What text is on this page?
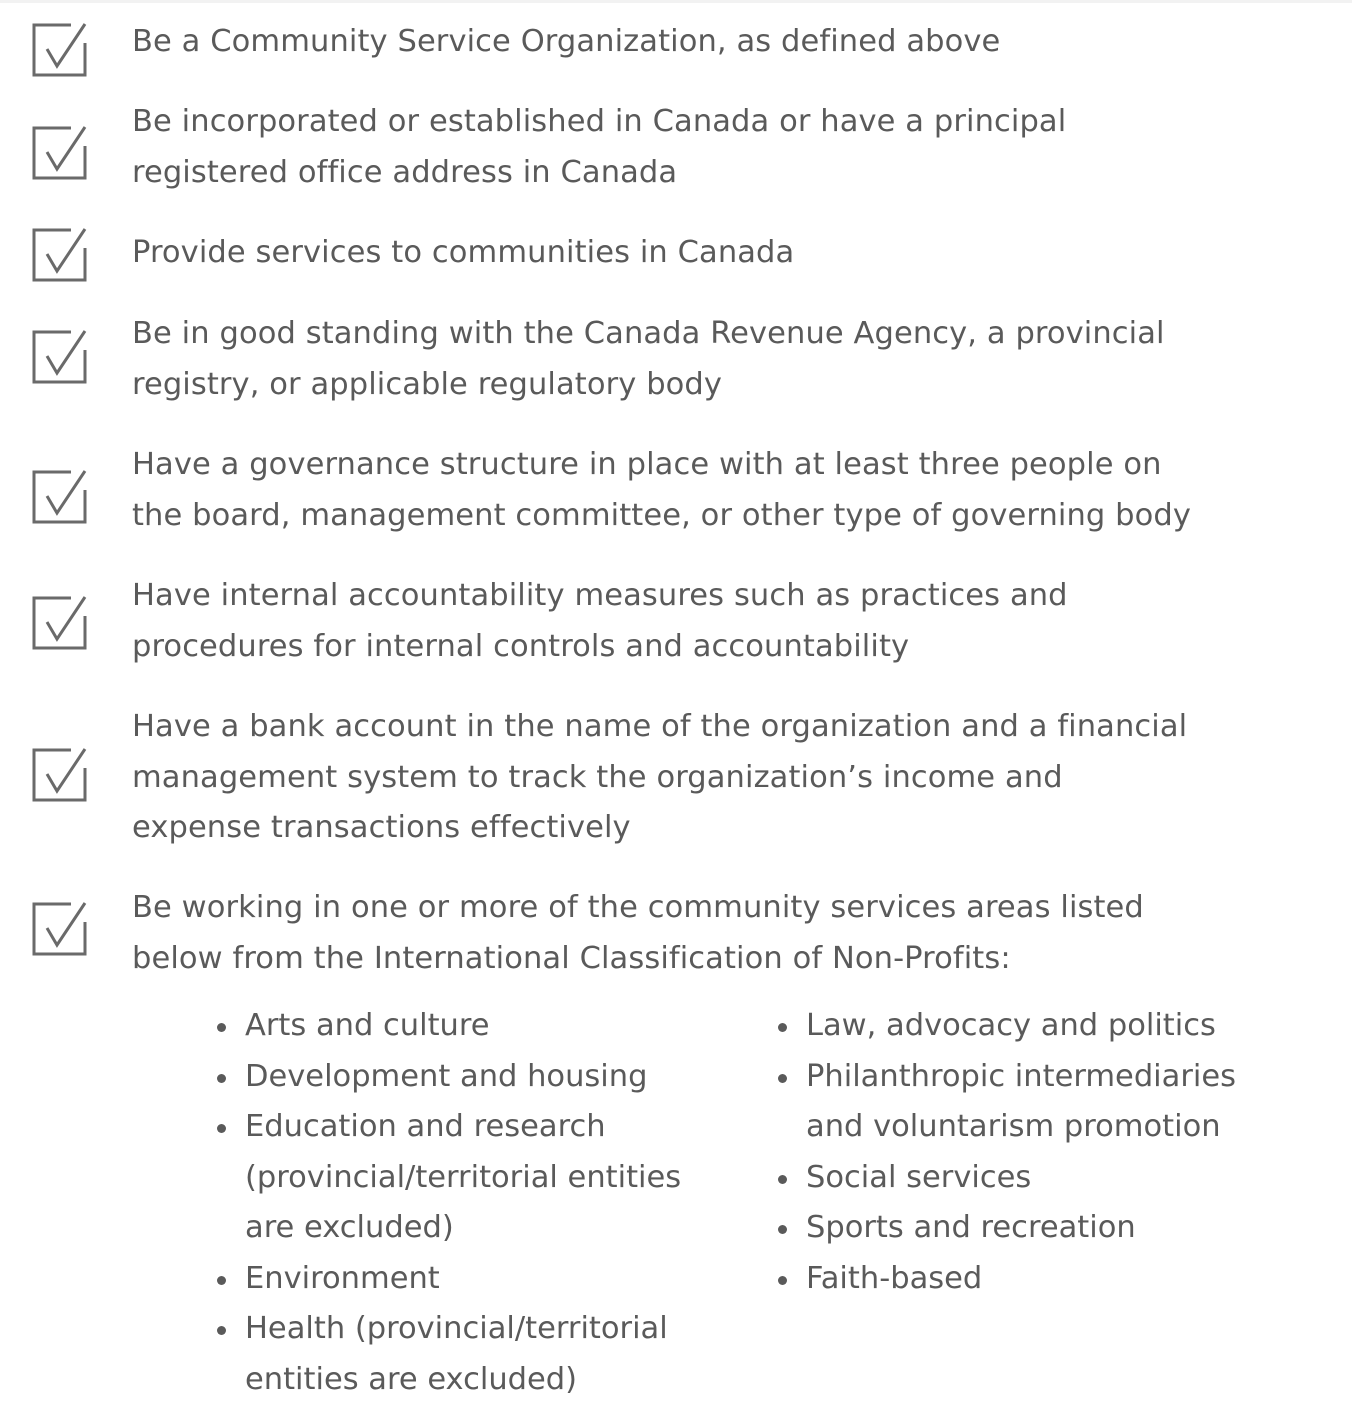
Be a Community Service Organization, as defined above
Be incorporated or established in Canada or have a principal
registered office address in Canada
Provide services to communities in Canada
Be in good standing with the Canada Revenue Agency, a provincial
registry, or applicable regulatory body
Have a governance structure in place with at least three people on
the board, management committee, or other type of governing body
Have internal accountability measures such as practices and
procedures for internal controls and accountability
Have a bank account in the name of the organization and a financial
management system to track the organization’s income and
expense transactions effectively
Be working in one or more of the community services areas listed
below from the International Classification of Non-Profits:
Arts and culture
Development and housing
Education and research
(provincial/territorial entities
are excluded)
Environment
Health (provincial/territorial
entities are excluded)
Law, advocacy and politics
Philanthropic intermediaries
and voluntarism promotion
Social services
Sports and recreation
Faith-based
